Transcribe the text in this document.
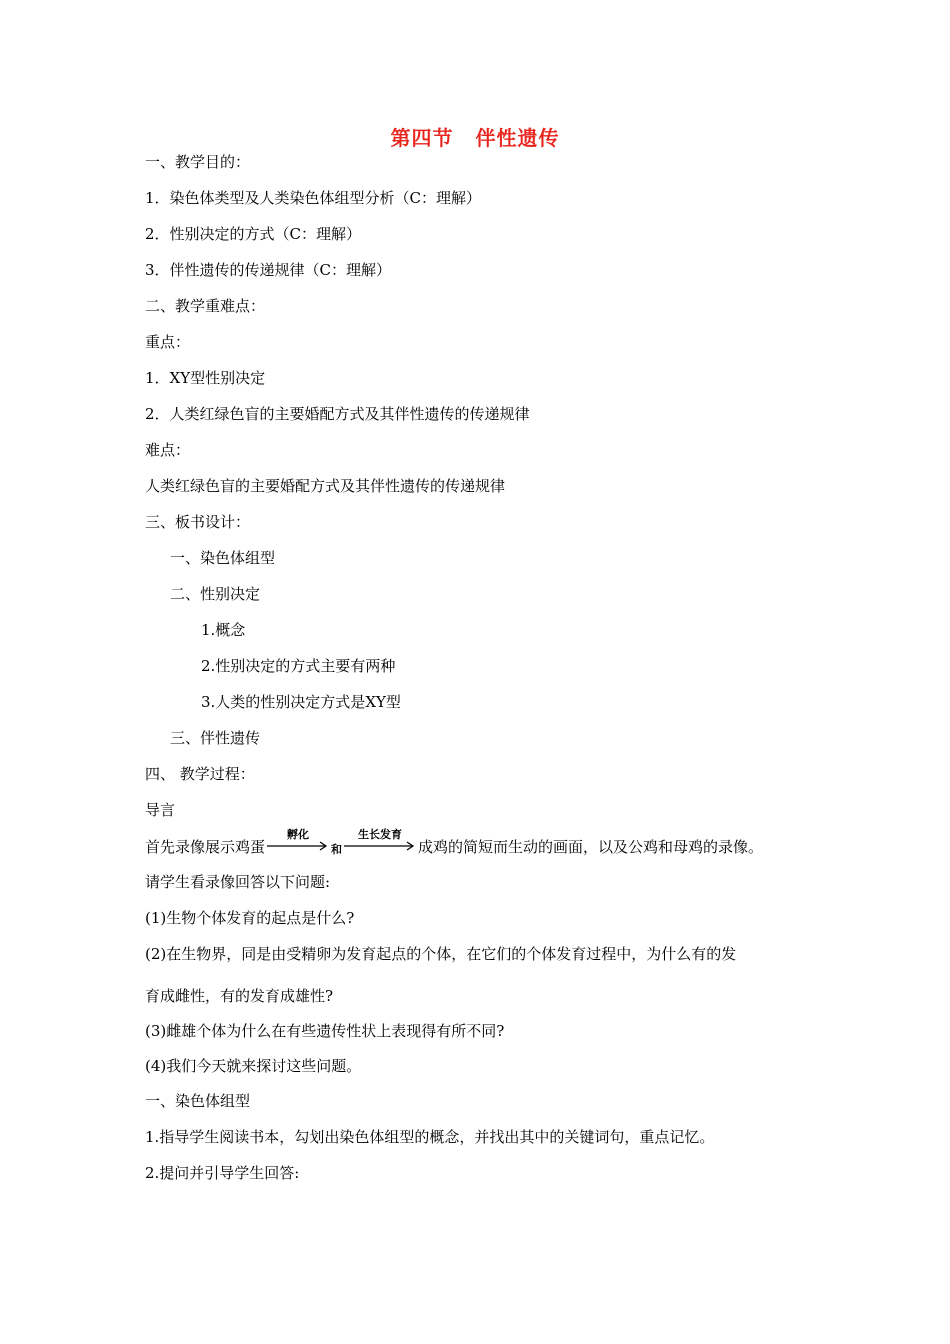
第四节 伴性遗传
一、教学目的：
1．染色体类型及人类染色体组型分析（C：理解）
2．性别决定的方式（C：理解）
3．伴性遗传的传递规律（C：理解）
二、教学重难点：
重点：
1．XY型性别决定
2．人类红绿色盲的主要婚配方式及其伴性遗传的传递规律
难点：
人类红绿色盲的主要婚配方式及其伴性遗传的传递规律
三、板书设计：
一、染色体组型
二、性别决定
1.概念
2.性别决定的方式主要有两种
3.人类的性别决定方式是XY型
三、伴性遗传
四、 教学过程：
导言
首先录像展示鸡蛋
孵化
和
生长发育
成鸡的简短而生动的画面，以及公鸡和母鸡的录像。
请学生看录像回答以下问题:
(1)生物个体发育的起点是什么?
(2)在生物界，同是由受精卵为发育起点的个体，在它们的个体发育过程中，为什么有的发
育成雌性，有的发育成雄性?
(3)雌雄个体为什么在有些遗传性状上表现得有所不同?
(4)我们今天就来探讨这些问题。
一、染色体组型
1.指导学生阅读书本，勾划出染色体组型的概念，并找出其中的关键词句，重点记忆。
2.提问并引导学生回答:
